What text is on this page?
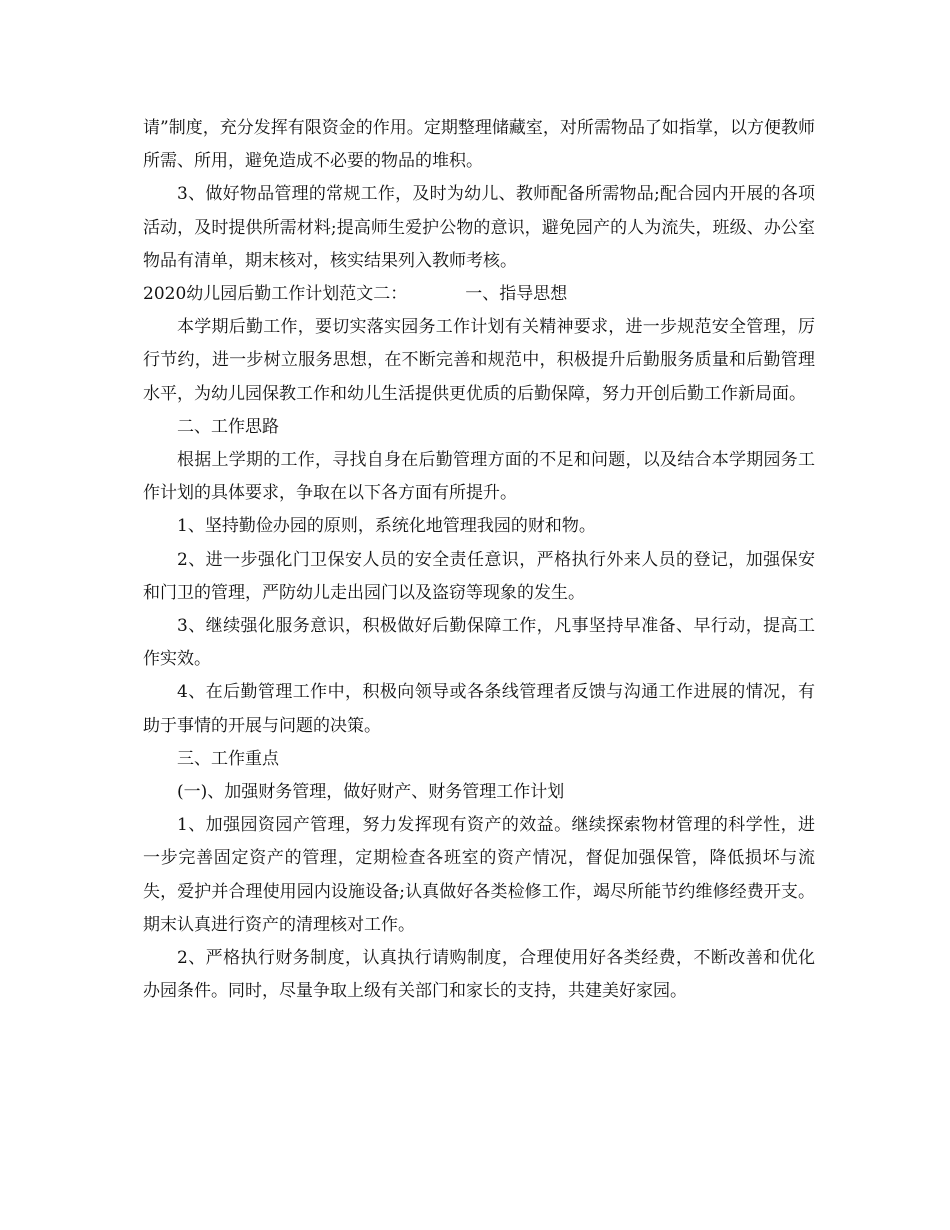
请”制度，充分发挥有限资金的作用。定期整理储藏室，对所需物品了如指掌，以方便教师所需、所用，避免造成不必要的物品的堆积。

3、做好物品管理的常规工作，及时为幼儿、教师配备所需物品;配合园内开展的各项活动，及时提供所需材料;提高师生爱护公物的意识，避免园产的人为流失，班级、办公室物品有清单，期末核对，核实结果列入教师考核。

2020幼儿园后勤工作计划范文二：	一、指导思想

本学期后勤工作，要切实落实园务工作计划有关精神要求，进一步规范安全管理，厉行节约，进一步树立服务思想，在不断完善和规范中，积极提升后勤服务质量和后勤管理水平，为幼儿园保教工作和幼儿生活提供更优质的后勤保障，努力开创后勤工作新局面。

二、工作思路

根据上学期的工作，寻找自身在后勤管理方面的不足和问题，以及结合本学期园务工作计划的具体要求，争取在以下各方面有所提升。

1、坚持勤俭办园的原则，系统化地管理我园的财和物。

2、进一步强化门卫保安人员的安全责任意识，严格执行外来人员的登记，加强保安和门卫的管理，严防幼儿走出园门以及盗窃等现象的发生。

3、继续强化服务意识，积极做好后勤保障工作，凡事坚持早准备、早行动，提高工作实效。

4、在后勤管理工作中，积极向领导或各条线管理者反馈与沟通工作进展的情况，有助于事情的开展与问题的决策。

三、工作重点

(一)、加强财务管理，做好财产、财务管理工作计划

1、加强园资园产管理，努力发挥现有资产的效益。继续探索物材管理的科学性，进一步完善固定资产的管理，定期检查各班室的资产情况，督促加强保管，降低损坏与流失，爱护并合理使用园内设施设备;认真做好各类检修工作，竭尽所能节约维修经费开支。期末认真进行资产的清理核对工作。

2、严格执行财务制度，认真执行请购制度，合理使用好各类经费，不断改善和优化办园条件。同时，尽量争取上级有关部门和家长的支持，共建美好家园。
